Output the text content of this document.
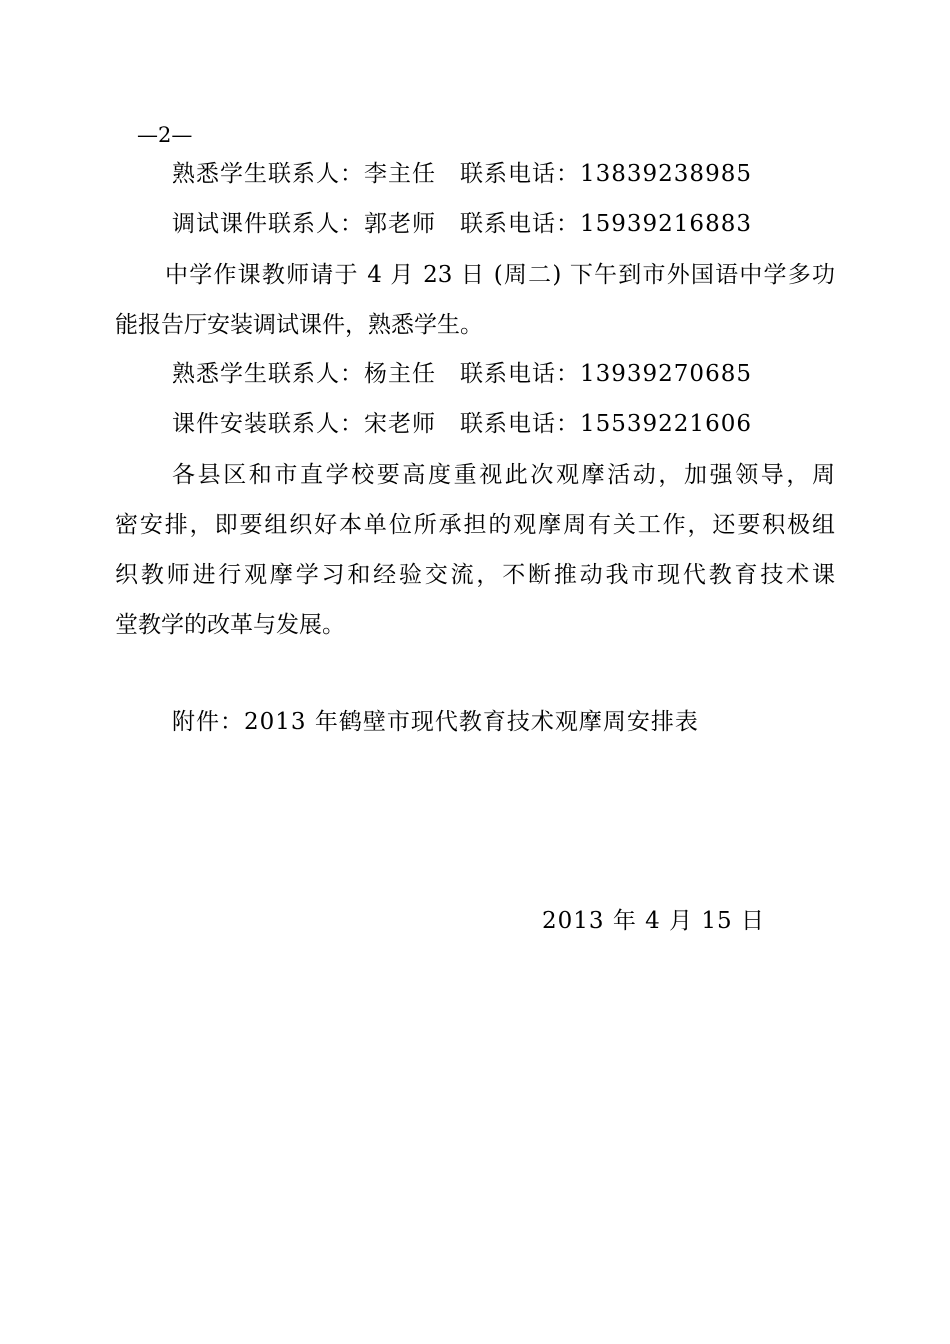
—2—
熟悉学生联系人：李主任 联系电话：13839238985
调试课件联系人：郭老师 联系电话：15939216883
中学作课教师请于 4 月 23 日 (周二) 下午到市外国语中学多功
能报告厅安装调试课件，熟悉学生。
熟悉学生联系人：杨主任 联系电话：13939270685
课件安装联系人：宋老师 联系电话：15539221606
各县区和市直学校要高度重视此次观摩活动，加强领导，周
密安排，即要组织好本单位所承担的观摩周有关工作，还要积极组
织教师进行观摩学习和经验交流，不断推动我市现代教育技术课
堂教学的改革与发展。
附件：2013 年鹤壁市现代教育技术观摩周安排表
2013 年 4 月 15 日
